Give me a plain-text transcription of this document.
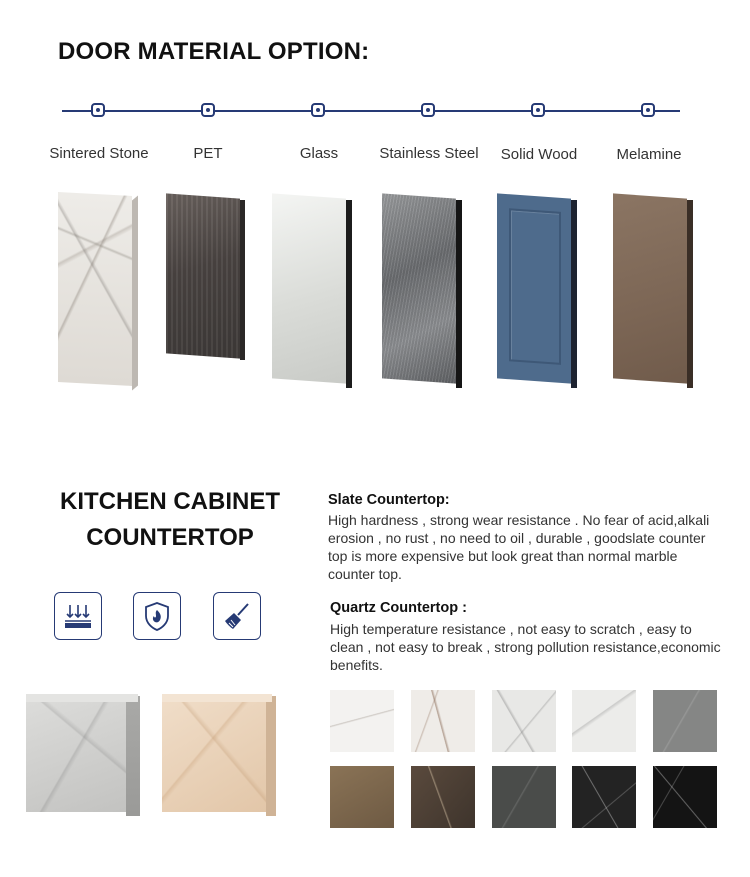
DOOR MATERIAL OPTION:
Sintered Stone	PET	Glass	Stainless Steel	Solid Wood	Melamine
KITCHEN CABINET
COUNTERTOP
Slate Countertop:
High hardness , strong wear resistance . No fear of acid,alkali
erosion , no rust , no need to oil , durable , goodslate counter
top is more expensive but look great than normal marble
counter top.
Quartz Countertop :
High temperature resistance , not easy to scratch , easy to
clean , not easy to break , strong pollution resistance,economic
benefits.
